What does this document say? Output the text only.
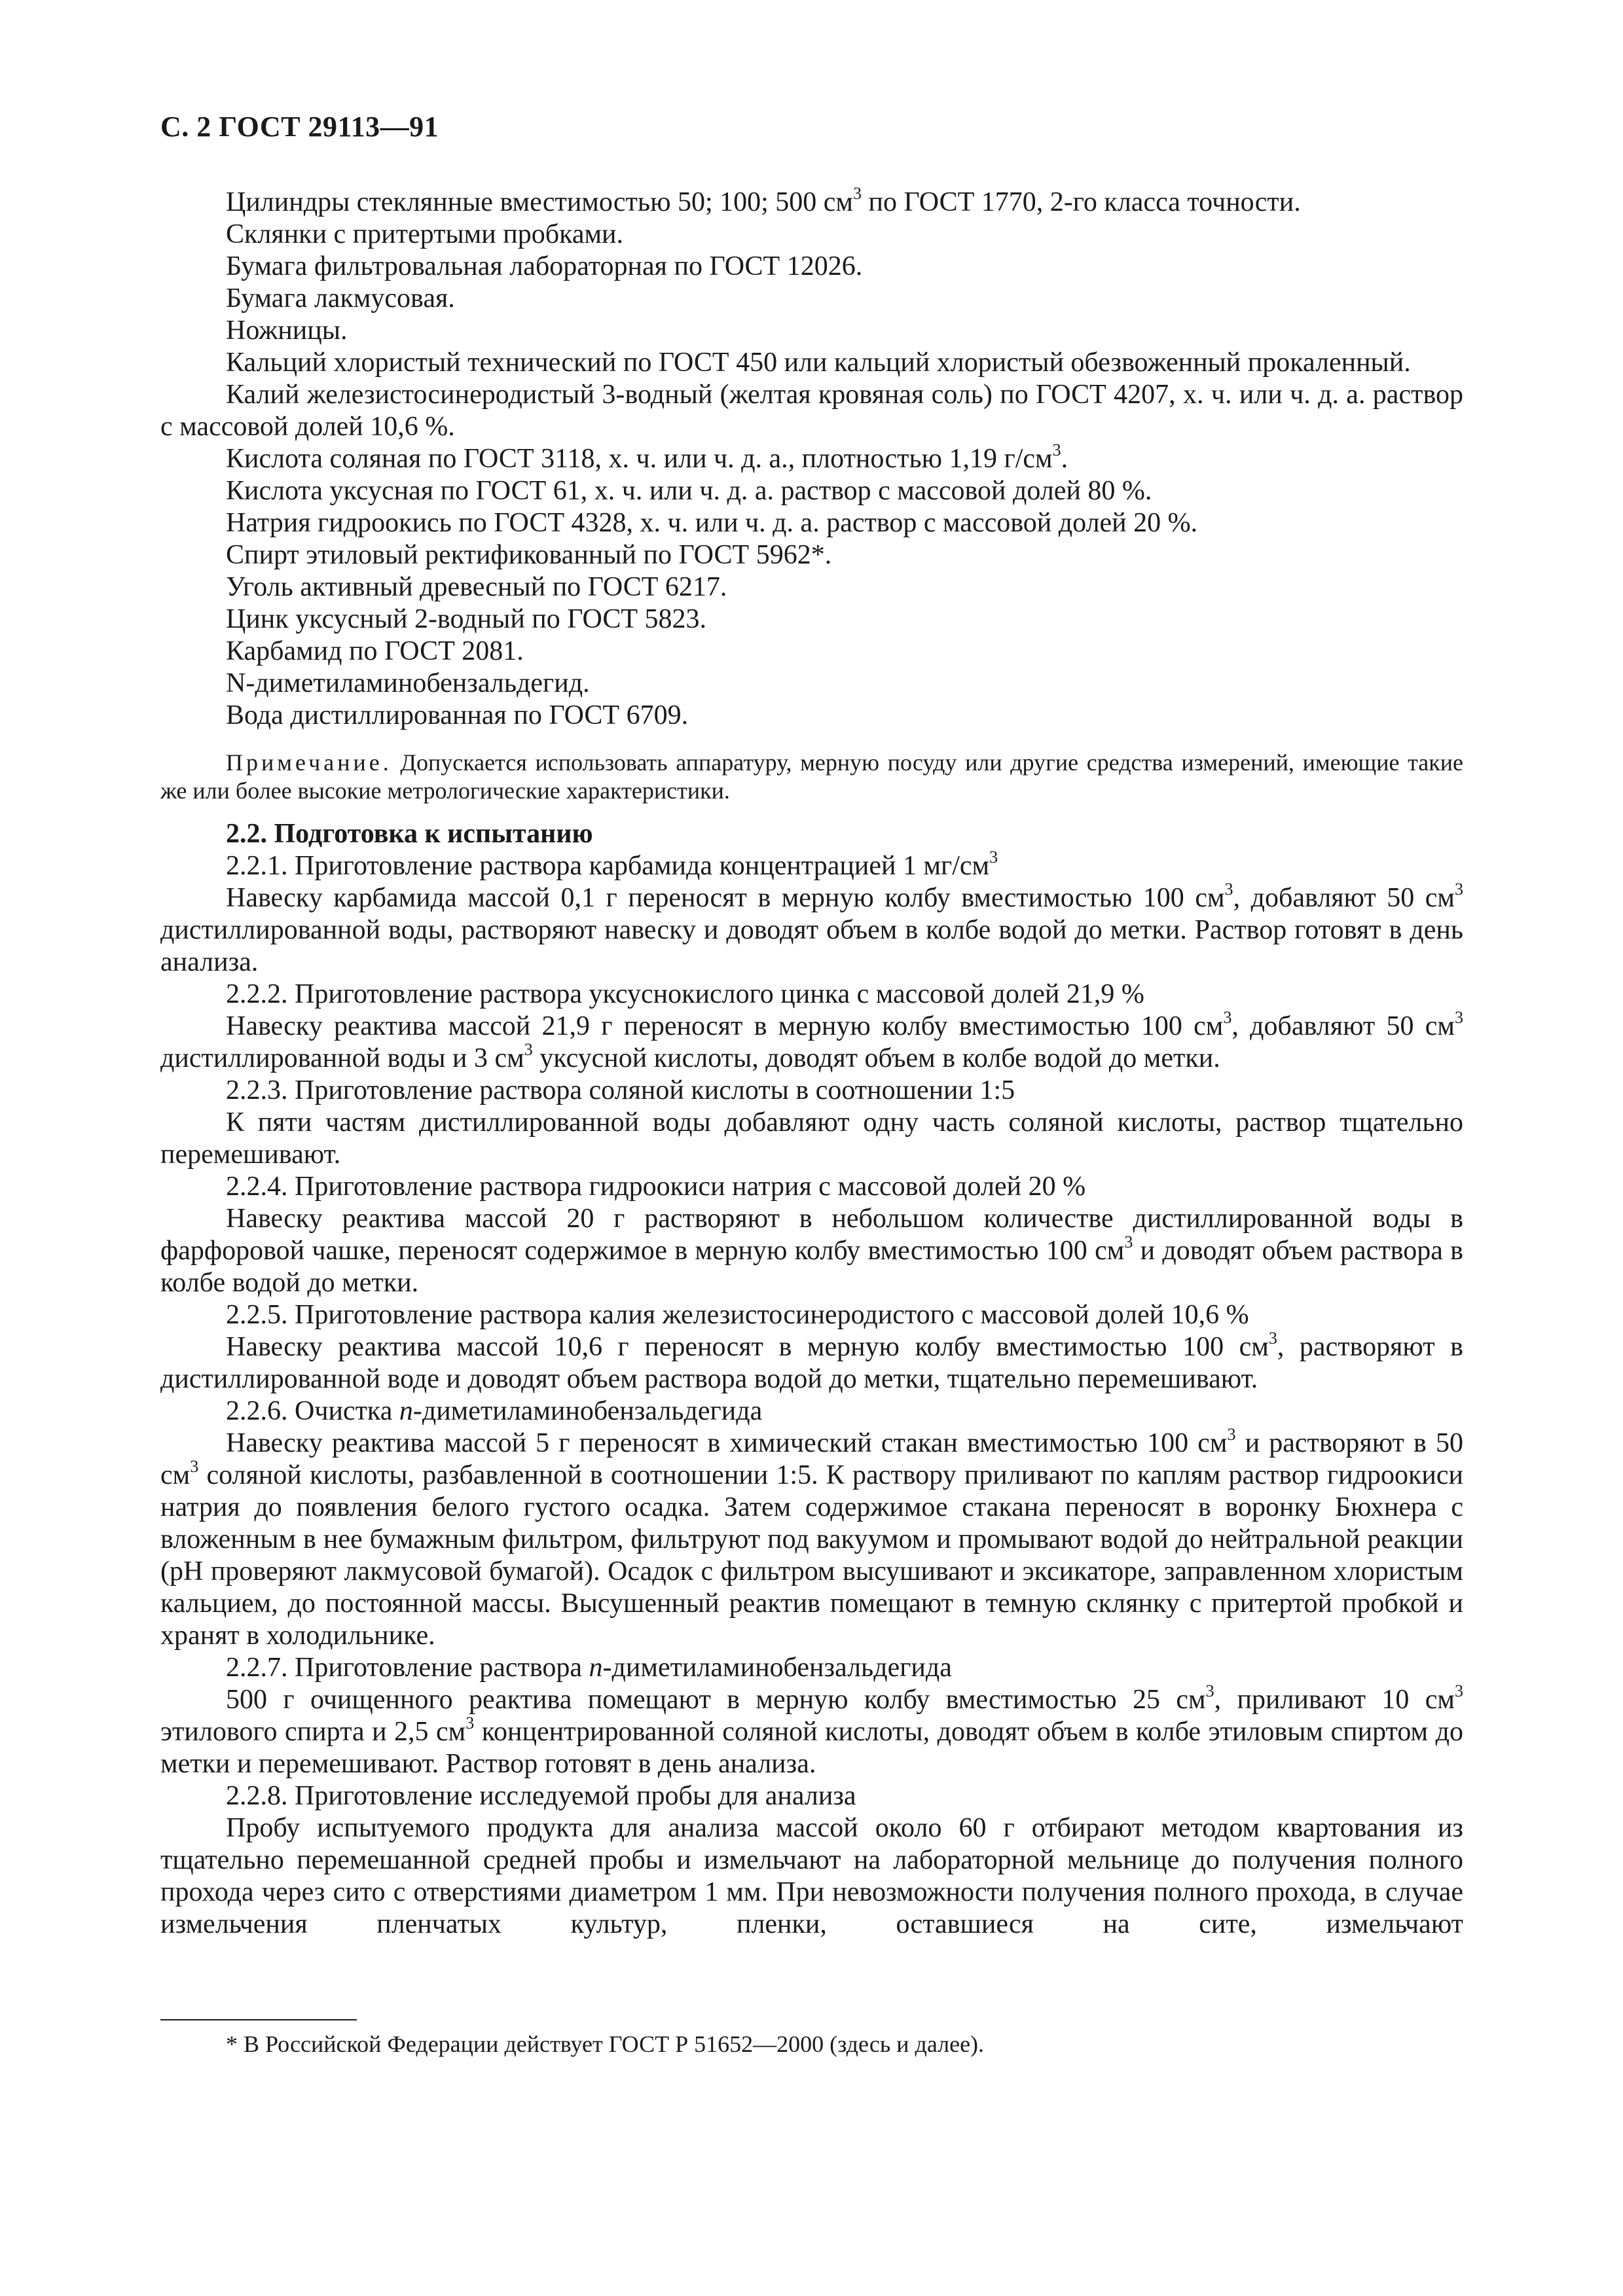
С. 2 ГОСТ 29113—91

Цилиндры стеклянные вместимостью 50; 100; 500 $см^3$ по ГОСТ 1770, 2-го класса точности.

Склянки с притертыми пробками.

Бумага фильтровальная лабораторная по ГОСТ 12026.

Бумага лакмусовая.

Ножницы.

Кальций хлористый технический по ГОСТ 450 или кальций хлористый обезвоженный прокаленный.

Калий железистосинеродистый 3-водный (желтая кровяная соль) по ГОСТ 4207, х. ч. или ч. д. а. раствор с массовой долей 10,6 %.

Кислота соляная по ГОСТ 3118, х. ч. или ч. д. а., плотностью 1,19 $г/см^3$.

Кислота уксусная по ГОСТ 61, х. ч. или ч. д. а. раствор с массовой долей 80 %.

Натрия гидроокись по ГОСТ 4328, х. ч. или ч. д. а. раствор с массовой долей 20 %.

Спирт этиловый ректификованный по ГОСТ 5962*.

Уголь активный древесный по ГОСТ 6217.

Цинк уксусный 2-водный по ГОСТ 5823.

Карбамид по ГОСТ 2081.

N-диметиламинобензальдегид.

Вода дистиллированная по ГОСТ 6709.

Примечание. Допускается использовать аппаратуру, мерную посуду или другие средства измерений, имеющие такие же или более высокие метрологические характеристики.

2.2. Подготовка к испытанию

2.2.1. Приготовление раствора карбамида концентрацией 1 $мг/см^3$

Навеску карбамида массой 0,1 г переносят в мерную колбу вместимостью 100 $см^3$, добавляют 50 $см^3$ дистиллированной воды, растворяют навеску и доводят объем в колбе водой до метки. Раствор готовят в день анализа.

2.2.2. Приготовление раствора уксуснокислого цинка с массовой долей 21,9 %

Навеску реактива массой 21,9 г переносят в мерную колбу вместимостью 100 $см^3$, добавляют 50 $см^3$ дистиллированной воды и 3 $см^3$ уксусной кислоты, доводят объем в колбе водой до метки.

2.2.3. Приготовление раствора соляной кислоты в соотношении 1:5

К пяти частям дистиллированной воды добавляют одну часть соляной кислоты, раствор тщательно перемешивают.

2.2.4. Приготовление раствора гидроокиси натрия с массовой долей 20 %

Навеску реактива массой 20 г растворяют в небольшом количестве дистиллированной воды в фарфоровой чашке, переносят содержимое в мерную колбу вместимостью 100 $см^3$ и доводят объем раствора в колбе водой до метки.

2.2.5. Приготовление раствора калия железистосинеродистого с массовой долей 10,6 %

Навеску реактива массой 10,6 г переносят в мерную колбу вместимостью 100 $см^3$, растворяют в дистиллированной воде и доводят объем раствора водой до метки, тщательно перемешивают.

2.2.6. Очистка n-диметиламинобензальдегида

Навеску реактива массой 5 г переносят в химический стакан вместимостью 100 $см^3$ и растворяют в 50 $см^3$ соляной кислоты, разбавленной в соотношении 1:5. К раствору приливают по каплям раствор гидроокиси натрия до появления белого густого осадка. Затем содержимое стакана переносят в воронку Бюхнера с вложенным в нее бумажным фильтром, фильтруют под вакуумом и промывают водой до нейтральной реакции (рН проверяют лакмусовой бумагой). Осадок с фильтром высушивают и эксикаторе, заправленном хлористым кальцием, до постоянной массы. Высушенный реактив помещают в темную склянку с притертой пробкой и хранят в холодильнике.

2.2.7. Приготовление раствора n-диметиламинобензальдегида

500 г очищенного реактива помещают в мерную колбу вместимостью 25 $см^3$, приливают 10 $см^3$ этилового спирта и 2,5 $см^3$ концентрированной соляной кислоты, доводят объем в колбе этиловым спиртом до метки и перемешивают. Раствор готовят в день анализа.

2.2.8. Приготовление исследуемой пробы для анализа

Пробу испытуемого продукта для анализа массой около 60 г отбирают методом квартования из тщательно перемешанной средней пробы и измельчают на лабораторной мельнице до получения полного прохода через сито с отверстиями диаметром 1 мм. При невозможности получения полного прохода, в случае измельчения пленчатых культур, пленки, оставшиеся на сите, измельчают

* В Российской Федерации действует ГОСТ Р 51652—2000 (здесь и далее).
